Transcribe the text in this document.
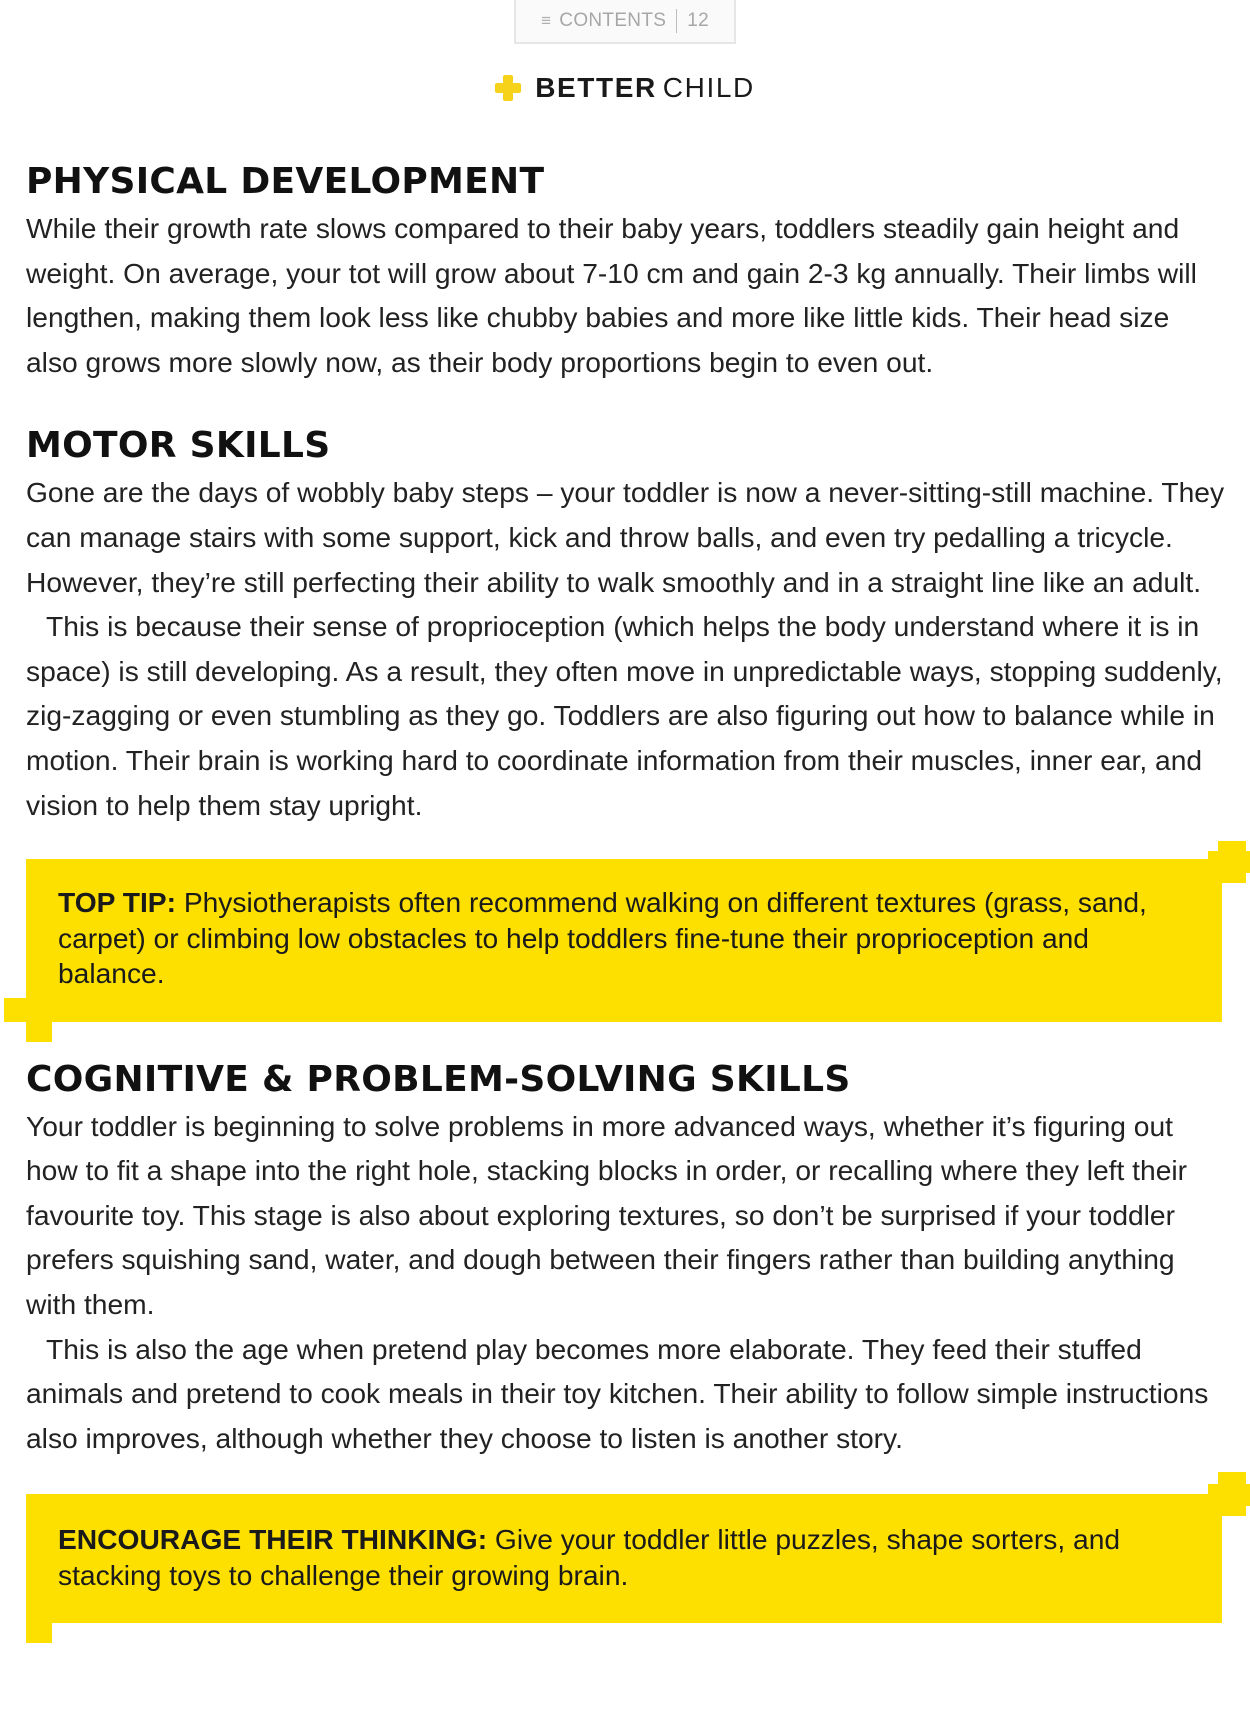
≡ CONTENTS 12
BETTER CHILD
PHYSICAL DEVELOPMENT

While their growth rate slows compared to their baby years, toddlers steadily gain height and weight. On average, your tot will grow about 7-10 cm and gain 2-3 kg annually. Their limbs will lengthen, making them look less like chubby babies and more like little kids. Their head size also grows more slowly now, as their body proportions begin to even out.

MOTOR SKILLS

Gone are the days of wobbly baby steps – your toddler is now a never-sitting-still machine. They can manage stairs with some support, kick and throw balls, and even try pedalling a tricycle. However, they’re still perfecting their ability to walk smoothly and in a straight line like an adult.

This is because their sense of proprioception (which helps the body understand where it is in space) is still developing. As a result, they often move in unpredictable ways, stopping suddenly, zig-zagging or even stumbling as they go. Toddlers are also figuring out how to balance while in motion. Their brain is working hard to coordinate information from their muscles, inner ear, and vision to help them stay upright.

TOP TIP: Physiotherapists often recommend walking on different textures (grass, sand, carpet) or climbing low obstacles to help toddlers fine-tune their proprioception and balance.

COGNITIVE & PROBLEM-SOLVING SKILLS

Your toddler is beginning to solve problems in more advanced ways, whether it’s figuring out how to fit a shape into the right hole, stacking blocks in order, or recalling where they left their favourite toy. This stage is also about exploring textures, so don’t be surprised if your toddler prefers squishing sand, water, and dough between their fingers rather than building anything with them.

This is also the age when pretend play becomes more elaborate. They feed their stuffed animals and pretend to cook meals in their toy kitchen. Their ability to follow simple instructions also improves, although whether they choose to listen is another story.

ENCOURAGE THEIR THINKING: Give your toddler little puzzles, shape sorters, and stacking toys to challenge their growing brain.
